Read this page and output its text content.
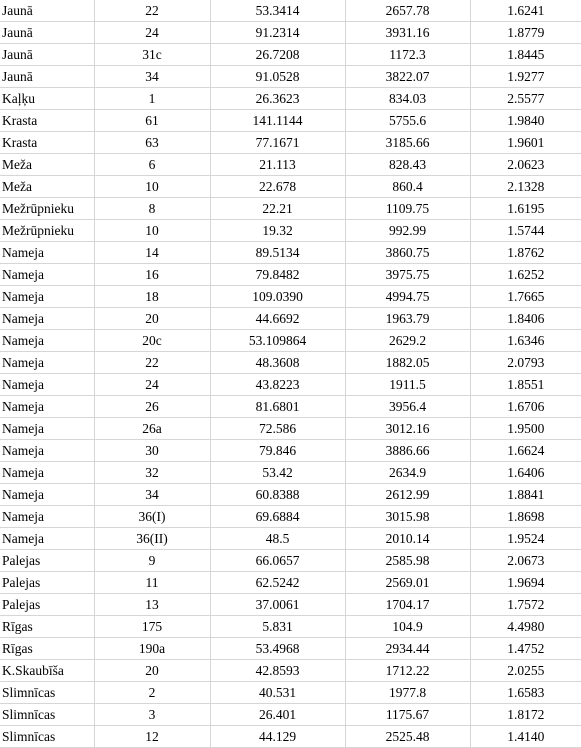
Jaunā	22	53.3414	2657.78	1.6241
Jaunā	24	91.2314	3931.16	1.8779
Jaunā	31c	26.7208	1172.3	1.8445
Jaunā	34	91.0528	3822.07	1.9277
Kaļķu	1	26.3623	834.03	2.5577
Krasta	61	141.1144	5755.6	1.9840
Krasta	63	77.1671	3185.66	1.9601
Meža	6	21.113	828.43	2.0623
Meža	10	22.678	860.4	2.1328
Mežrūpnieku	8	22.21	1109.75	1.6195
Mežrūpnieku	10	19.32	992.99	1.5744
Nameja	14	89.5134	3860.75	1.8762
Nameja	16	79.8482	3975.75	1.6252
Nameja	18	109.0390	4994.75	1.7665
Nameja	20	44.6692	1963.79	1.8406
Nameja	20c	53.109864	2629.2	1.6346
Nameja	22	48.3608	1882.05	2.0793
Nameja	24	43.8223	1911.5	1.8551
Nameja	26	81.6801	3956.4	1.6706
Nameja	26a	72.586	3012.16	1.9500
Nameja	30	79.846	3886.66	1.6624
Nameja	32	53.42	2634.9	1.6406
Nameja	34	60.8388	2612.99	1.8841
Nameja	36(I)	69.6884	3015.98	1.8698
Nameja	36(II)	48.5	2010.14	1.9524
Palejas	9	66.0657	2585.98	2.0673
Palejas	11	62.5242	2569.01	1.9694
Palejas	13	37.0061	1704.17	1.7572
Rīgas	175	5.831	104.9	4.4980
Rīgas	190a	53.4968	2934.44	1.4752
K.Skaubīša	20	42.8593	1712.22	2.0255
Slimnīcas	2	40.531	1977.8	1.6583
Slimnīcas	3	26.401	1175.67	1.8172
Slimnīcas	12	44.129	2525.48	1.4140
